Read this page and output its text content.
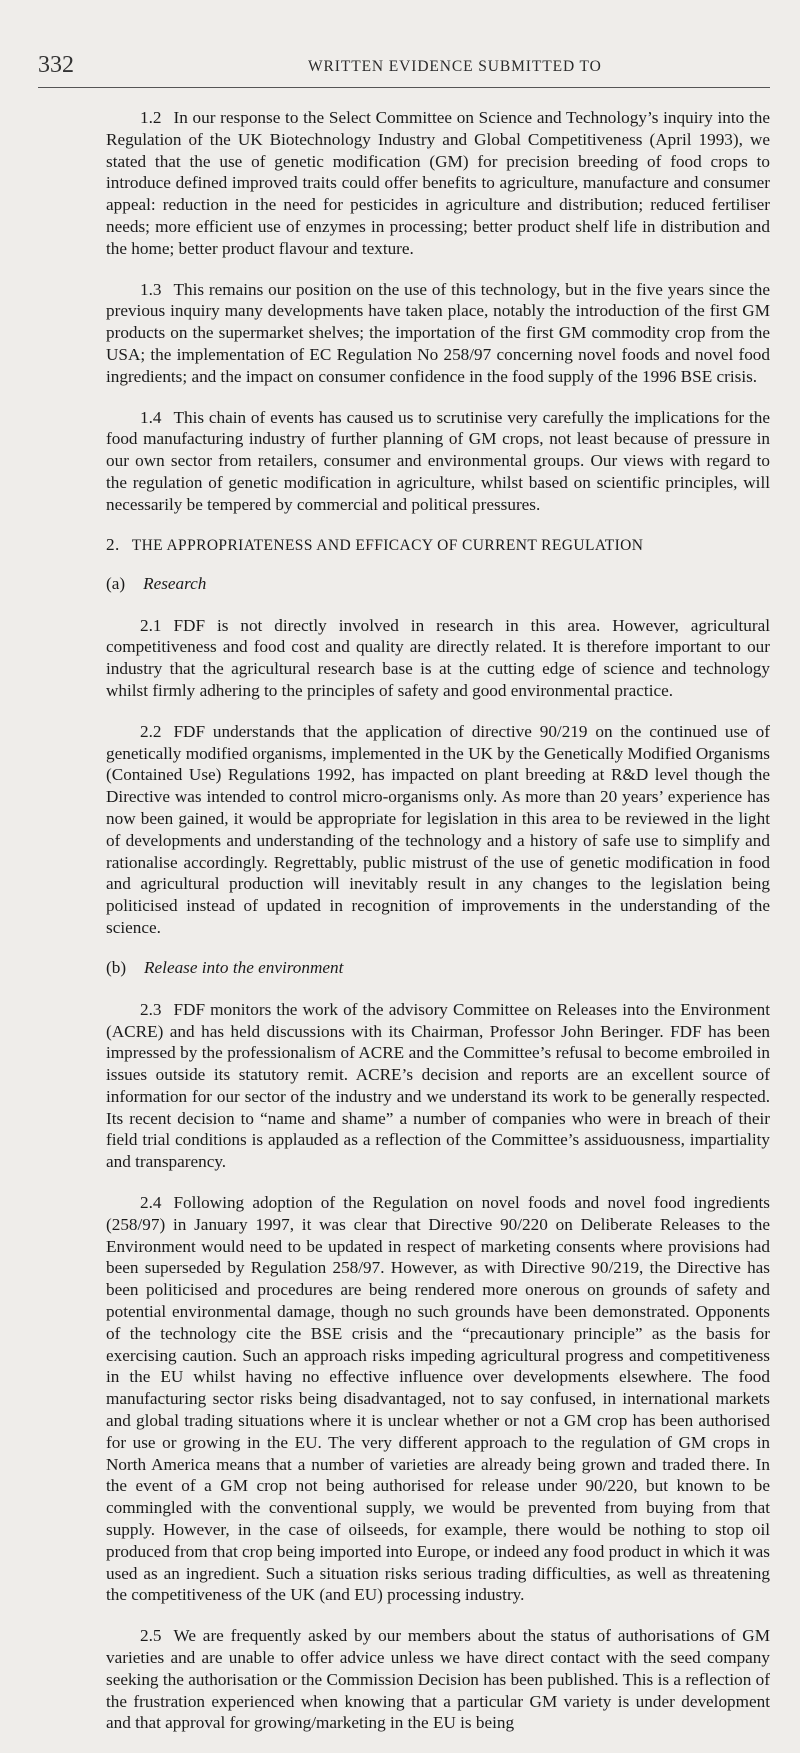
332	WRITTEN EVIDENCE SUBMITTED TO

1.2 In our response to the Select Committee on Science and Technology’s inquiry into the Regulation of the UK Biotechnology Industry and Global Competitiveness (April 1993), we stated that the use of genetic modification (GM) for precision breeding of food crops to introduce defined improved traits could offer benefits to agriculture, manufacture and consumer appeal: reduction in the need for pesticides in agriculture and distribution; reduced fertiliser needs; more efficient use of enzymes in processing; better product shelf life in distribution and the home; better product flavour and texture.

1.3 This remains our position on the use of this technology, but in the five years since the previous inquiry many developments have taken place, notably the introduction of the first GM products on the supermarket shelves; the importation of the first GM commodity crop from the USA; the implementation of EC Regulation No 258/97 concerning novel foods and novel food ingredients; and the impact on consumer confidence in the food supply of the 1996 BSE crisis.

1.4 This chain of events has caused us to scrutinise very carefully the implications for the food manufacturing industry of further planning of GM crops, not least because of pressure in our own sector from retailers, consumer and environmental groups. Our views with regard to the regulation of genetic modification in agriculture, whilst based on scientific principles, will necessarily be tempered by commercial and political pressures.

2. THE APPROPRIATENESS AND EFFICACY OF CURRENT REGULATION
(a) Research

2.1 FDF is not directly involved in research in this area. However, agricultural competitiveness and food cost and quality are directly related. It is therefore important to our industry that the agricultural research base is at the cutting edge of science and technology whilst firmly adhering to the principles of safety and good environmental practice.

2.2 FDF understands that the application of directive 90/219 on the continued use of genetically modified organisms, implemented in the UK by the Genetically Modified Organisms (Contained Use) Regulations 1992, has impacted on plant breeding at R&D level though the Directive was intended to control micro-organisms only. As more than 20 years’ experience has now been gained, it would be appropriate for legislation in this area to be reviewed in the light of developments and understanding of the technology and a history of safe use to simplify and rationalise accordingly. Regrettably, public mistrust of the use of genetic modification in food and agricultural production will inevitably result in any changes to the legislation being politicised instead of updated in recognition of improvements in the understanding of the science.

(b) Release into the environment

2.3 FDF monitors the work of the advisory Committee on Releases into the Environment (ACRE) and has held discussions with its Chairman, Professor John Beringer. FDF has been impressed by the professionalism of ACRE and the Committee’s refusal to become embroiled in issues outside its statutory remit. ACRE’s decision and reports are an excellent source of information for our sector of the industry and we understand its work to be generally respected. Its recent decision to “name and shame” a number of companies who were in breach of their field trial conditions is applauded as a reflection of the Committee’s assiduousness, impartiality and transparency.

2.4 Following adoption of the Regulation on novel foods and novel food ingredients (258/97) in January 1997, it was clear that Directive 90/220 on Deliberate Releases to the Environment would need to be updated in respect of marketing consents where provisions had been superseded by Regulation 258/97. However, as with Directive 90/219, the Directive has been politicised and procedures are being rendered more onerous on grounds of safety and potential environmental damage, though no such grounds have been demonstrated. Opponents of the technology cite the BSE crisis and the “precautionary principle” as the basis for exercising caution. Such an approach risks impeding agricultural progress and competitiveness in the EU whilst having no effective influence over developments elsewhere. The food manufacturing sector risks being disadvantaged, not to say confused, in international markets and global trading situations where it is unclear whether or not a GM crop has been authorised for use or growing in the EU. The very different approach to the regulation of GM crops in North America means that a number of varieties are already being grown and traded there. In the event of a GM crop not being authorised for release under 90/220, but known to be commingled with the conventional supply, we would be prevented from buying from that supply. However, in the case of oilseeds, for example, there would be nothing to stop oil produced from that crop being imported into Europe, or indeed any food product in which it was used as an ingredient. Such a situation risks serious trading difficulties, as well as threatening the competitiveness of the UK (and EU) processing industry.

2.5 We are frequently asked by our members about the status of authorisations of GM varieties and are unable to offer advice unless we have direct contact with the seed company seeking the authorisation or the Commission Decision has been published. This is a reflection of the frustration experienced when knowing that a particular GM variety is under development and that approval for growing/marketing in the EU is being
